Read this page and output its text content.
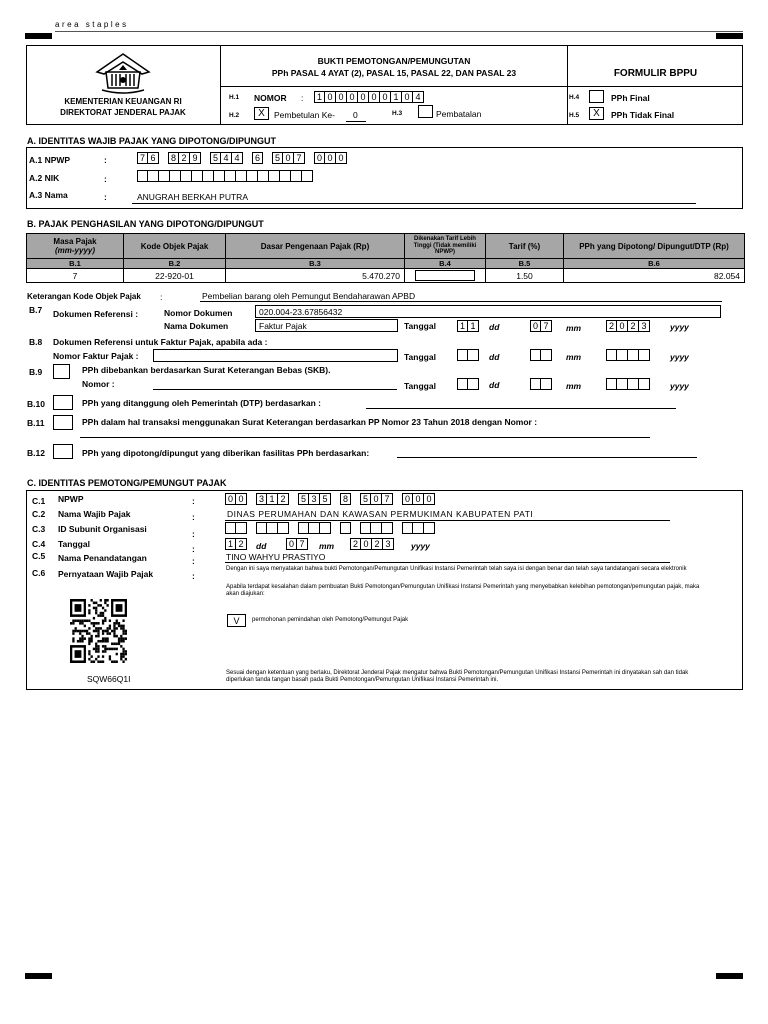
area staples
KEMENTERIAN KEUANGAN RI
DIREKTORAT JENDERAL PAJAK
BUKTI PEMOTONGAN/PEMUNGUTAN
PPh PASAL 4 AYAT (2), PASAL 15, PASAL 22, DAN PASAL 23	FORMULIR BPPU
H.1 NOMOR :	1 0 0 0 0 0 0 1 0 4
H.2	X	Pembetulan Ke- 0	H.3	Pembatalan
H.4	PPh Final
H.5	X	PPh Tidak Final
A. IDENTITAS WAJIB PAJAK YANG DIPOTONG/DIPUNGUT
A.1 NPWP	:	7 6	8 2 9	5 4 4	6	5 0 7	0 0 0
A.2 NIK	:
A.3 Nama	:	ANUGRAH BERKAH PUTRA
B. PAJAK PENGHASILAN YANG DIPOTONG/DIPUNGUT
Masa Pajak
(mm-yyyy)	Kode Objek Pajak	Dasar Pengenaan Pajak (Rp)	Dikenakan Tarif Lebih Tinggi (Tidak memiliki NPWP)	Tarif (%)	PPh yang Dipotong/ Dipungut/DTP (Rp)
B.1	B.2	B.3	B.4	B.5	B.6
7	22-920-01	5.470.270		1.50	82.054
Keterangan Kode Objek Pajak :	Pembelian barang oleh Pemungut Bendaharawan APBD
B.7 Dokumen Referensi :	Nomor Dokumen	020.004-23.67856432
Nama Dokumen	Faktur Pajak	Tanggal	1 1	dd	0 7	mm	2 0 2 3	yyyy
B.8 Dokumen Referensi untuk Faktur Pajak, apabila ada :
Nomor Faktur Pajak :	Tanggal	dd	mm	yyyy
B.9	PPh dibebankan berdasarkan Surat Keterangan Bebas (SKB).
Nomor :	Tanggal	dd	mm	yyyy
B.10	PPh yang ditanggung oleh Pemerintah (DTP) berdasarkan :
B.11	PPh dalam hal transaksi menggunakan Surat Keterangan berdasarkan PP Nomor 23 Tahun 2018 dengan Nomor :
B.12	PPh yang dipotong/dipungut yang diberikan fasilitas PPh berdasarkan:
C. IDENTITAS PEMOTONG/PEMUNGUT PAJAK
C.1 NPWP	:	0 0	3 1 2	5 3 5	8	5 0 7	0 0 0
C.2 Nama Wajib Pajak	:	DINAS PERUMAHAN DAN KAWASAN PERMUKIMAN KABUPATEN PATI
C.3 ID Subunit Organisasi	:
C.4 Tanggal	:	1 2	dd	0 7	mm	2 0 2 3	yyyy
C.5 Nama Penandatangan	:	TINO WAHYU PRASTIYO
C.6 Pernyataan Wajib Pajak	:
Dengan ini saya menyatakan bahwa bukti Pemotongan/Pemungutan Unifikasi Instansi Pemerintah telah saya isi dengan benar dan telah saya tandatangani secara elektronik
Apabila terdapat kesalahan dalam pembuatan Bukti Pemotongan/Pemungutan Unifikasi Instansi Pemerintah yang menyebabkan kelebihan pemotongan/pemungutan pajak, maka akan diajukan:
V	permohonan pemindahan oleh Pemotong/Pemungut Pajak
SQW66Q1I
Sesuai dengan ketentuan yang berlaku, Direktorat Jenderal Pajak mengatur bahwa Bukti Pemotongan/Pemungutan Unifikasi Instansi Pemerintah ini dinyatakan sah dan tidak diperlukan tanda tangan basah pada Bukti Pemotongan/Pemungutan Unifikasi Instansi Pemerintah ini.
